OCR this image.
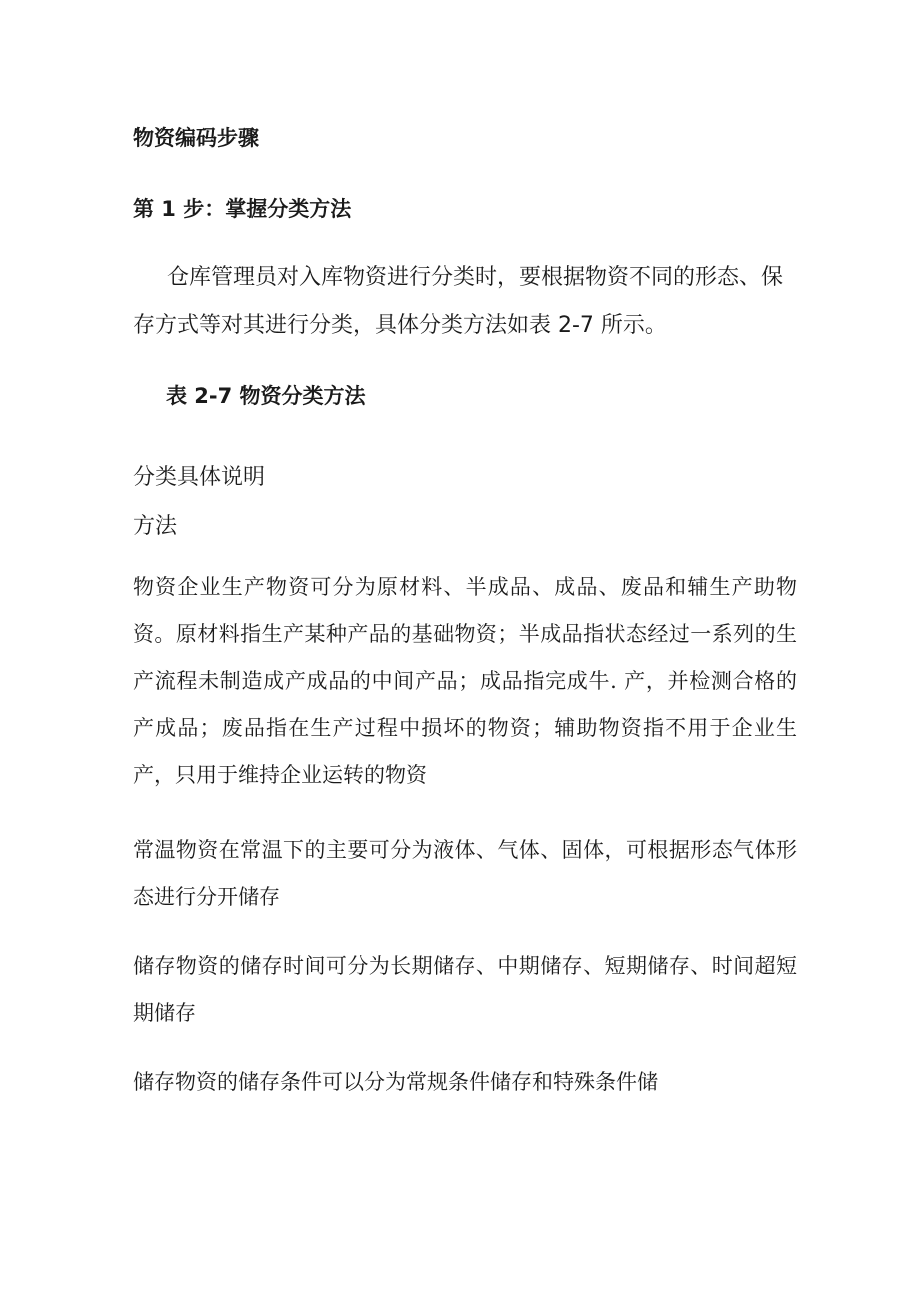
物资编码步骤
第 1 步：掌握分类方法
仓库管理员对入库物资进行分类时，要根据物资不同的形态、保存方式等对其进行分类，具体分类方法如表 2-7 所示。
表 2-7 物资分类方法
分类具体说明
方法
物资企业生产物资可分为原材料、半成品、成品、废品和辅生产助物资。原材料指生产某种产品的基础物资；半成品指状态经过一系列的生产流程未制造成产成品的中间产品；成品指完成牛. 产，并检测合格的产成品；废品指在生产过程中损坏的物资；辅助物资指不用于企业生产，只用于维持企业运转的物资
常温物资在常温下的主要可分为液体、气体、固体，可根据形态气体形态进行分开储存
储存物资的储存时间可分为长期储存、中期储存、短期储存、时间超短期储存
储存物资的储存条件可以分为常规条件储存和特殊条件储
